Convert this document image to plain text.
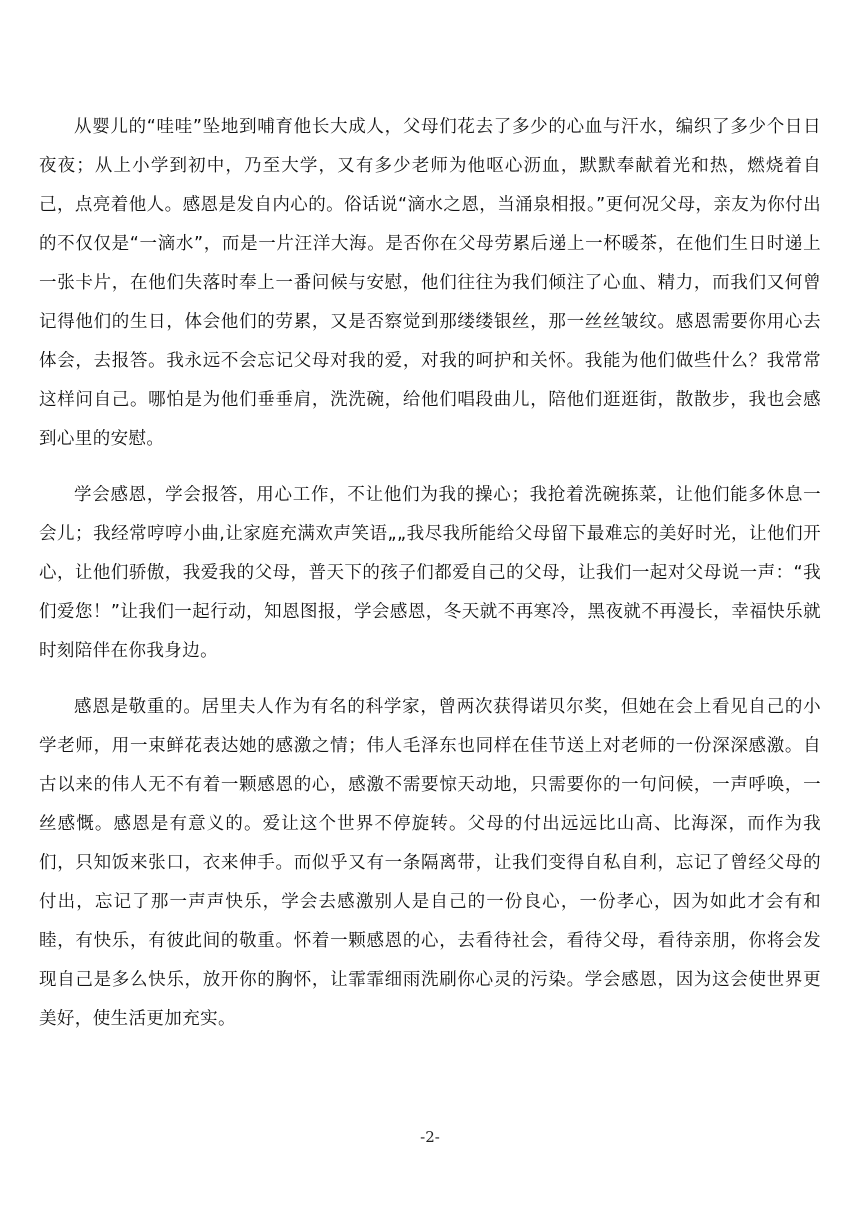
从婴儿的“哇哇”坠地到哺育他长大成人，父母们花去了多少的心血与汗水，编织了多少个日日夜夜；从上小学到初中，乃至大学，又有多少老师为他呕心沥血，默默奉献着光和热，燃烧着自己，点亮着他人。感恩是发自内心的。俗话说“滴水之恩，当涌泉相报。”更何况父母，亲友为你付出的不仅仅是“一滴水”，而是一片汪洋大海。是否你在父母劳累后递上一杯暖茶，在他们生日时递上一张卡片，在他们失落时奉上一番问候与安慰，他们往往为我们倾注了心血、精力，而我们又何曾记得他们的生日，体会他们的劳累，又是否察觉到那缕缕银丝，那一丝丝皱纹。感恩需要你用心去体会，去报答。我永远不会忘记父母对我的爱，对我的呵护和关怀。我能为他们做些什么？我常常这样问自己。哪怕是为他们垂垂肩，洗洗碗，给他们唱段曲儿，陪他们逛逛街，散散步，我也会感到心里的安慰。

学会感恩，学会报答，用心工作，不让他们为我的操心；我抢着洗碗拣菜，让他们能多休息一会儿；我经常哼哼小曲,让家庭充满欢声笑语„„我尽我所能给父母留下最难忘的美好时光，让他们开心，让他们骄傲，我爱我的父母，普天下的孩子们都爱自己的父母，让我们一起对父母说一声：“我们爱您！”让我们一起行动，知恩图报，学会感恩，冬天就不再寒冷，黑夜就不再漫长，幸福快乐就时刻陪伴在你我身边。

感恩是敬重的。居里夫人作为有名的科学家，曾两次获得诺贝尔奖，但她在会上看见自己的小学老师，用一束鲜花表达她的感激之情；伟人毛泽东也同样在佳节送上对老师的一份深深感激。自古以来的伟人无不有着一颗感恩的心，感激不需要惊天动地，只需要你的一句问候，一声呼唤，一丝感慨。感恩是有意义的。爱让这个世界不停旋转。父母的付出远远比山高、比海深，而作为我们，只知饭来张口，衣来伸手。而似乎又有一条隔离带，让我们变得自私自利，忘记了曾经父母的付出，忘记了那一声声快乐，学会去感激别人是自己的一份良心，一份孝心，因为如此才会有和睦，有快乐，有彼此间的敬重。怀着一颗感恩的心，去看待社会，看待父母，看待亲朋，你将会发现自己是多么快乐，放开你的胸怀，让霏霏细雨洗刷你心灵的污染。学会感恩，因为这会使世界更美好，使生活更加充实。

-2-
